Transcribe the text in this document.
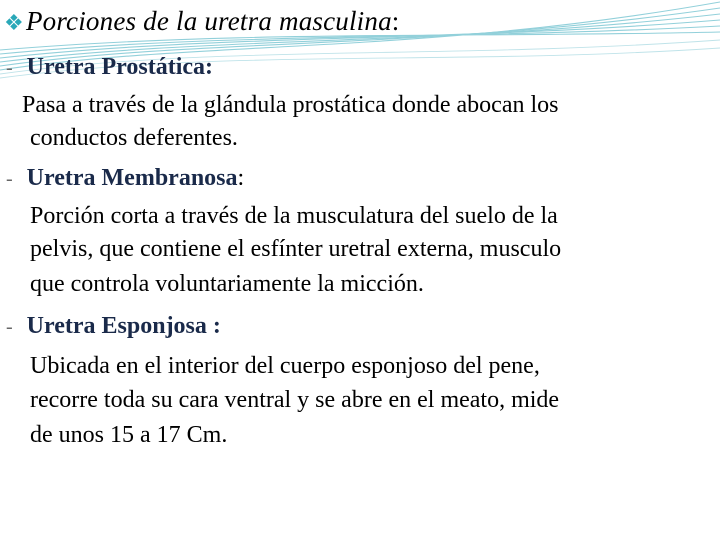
❖Porciones de la uretra masculina:
- Uretra Prostática:
Pasa a través de la glándula prostática donde abocan los
conductos deferentes.
- Uretra Membranosa:
Porción corta a través de la musculatura del suelo de la
pelvis, que contiene el esfínter uretral externa, musculo
que controla voluntariamente la micción.
- Uretra Esponjosa :
Ubicada en el interior del cuerpo esponjoso del pene,
recorre toda su cara ventral y se abre en el meato, mide
de unos 15 a 17 Cm.
